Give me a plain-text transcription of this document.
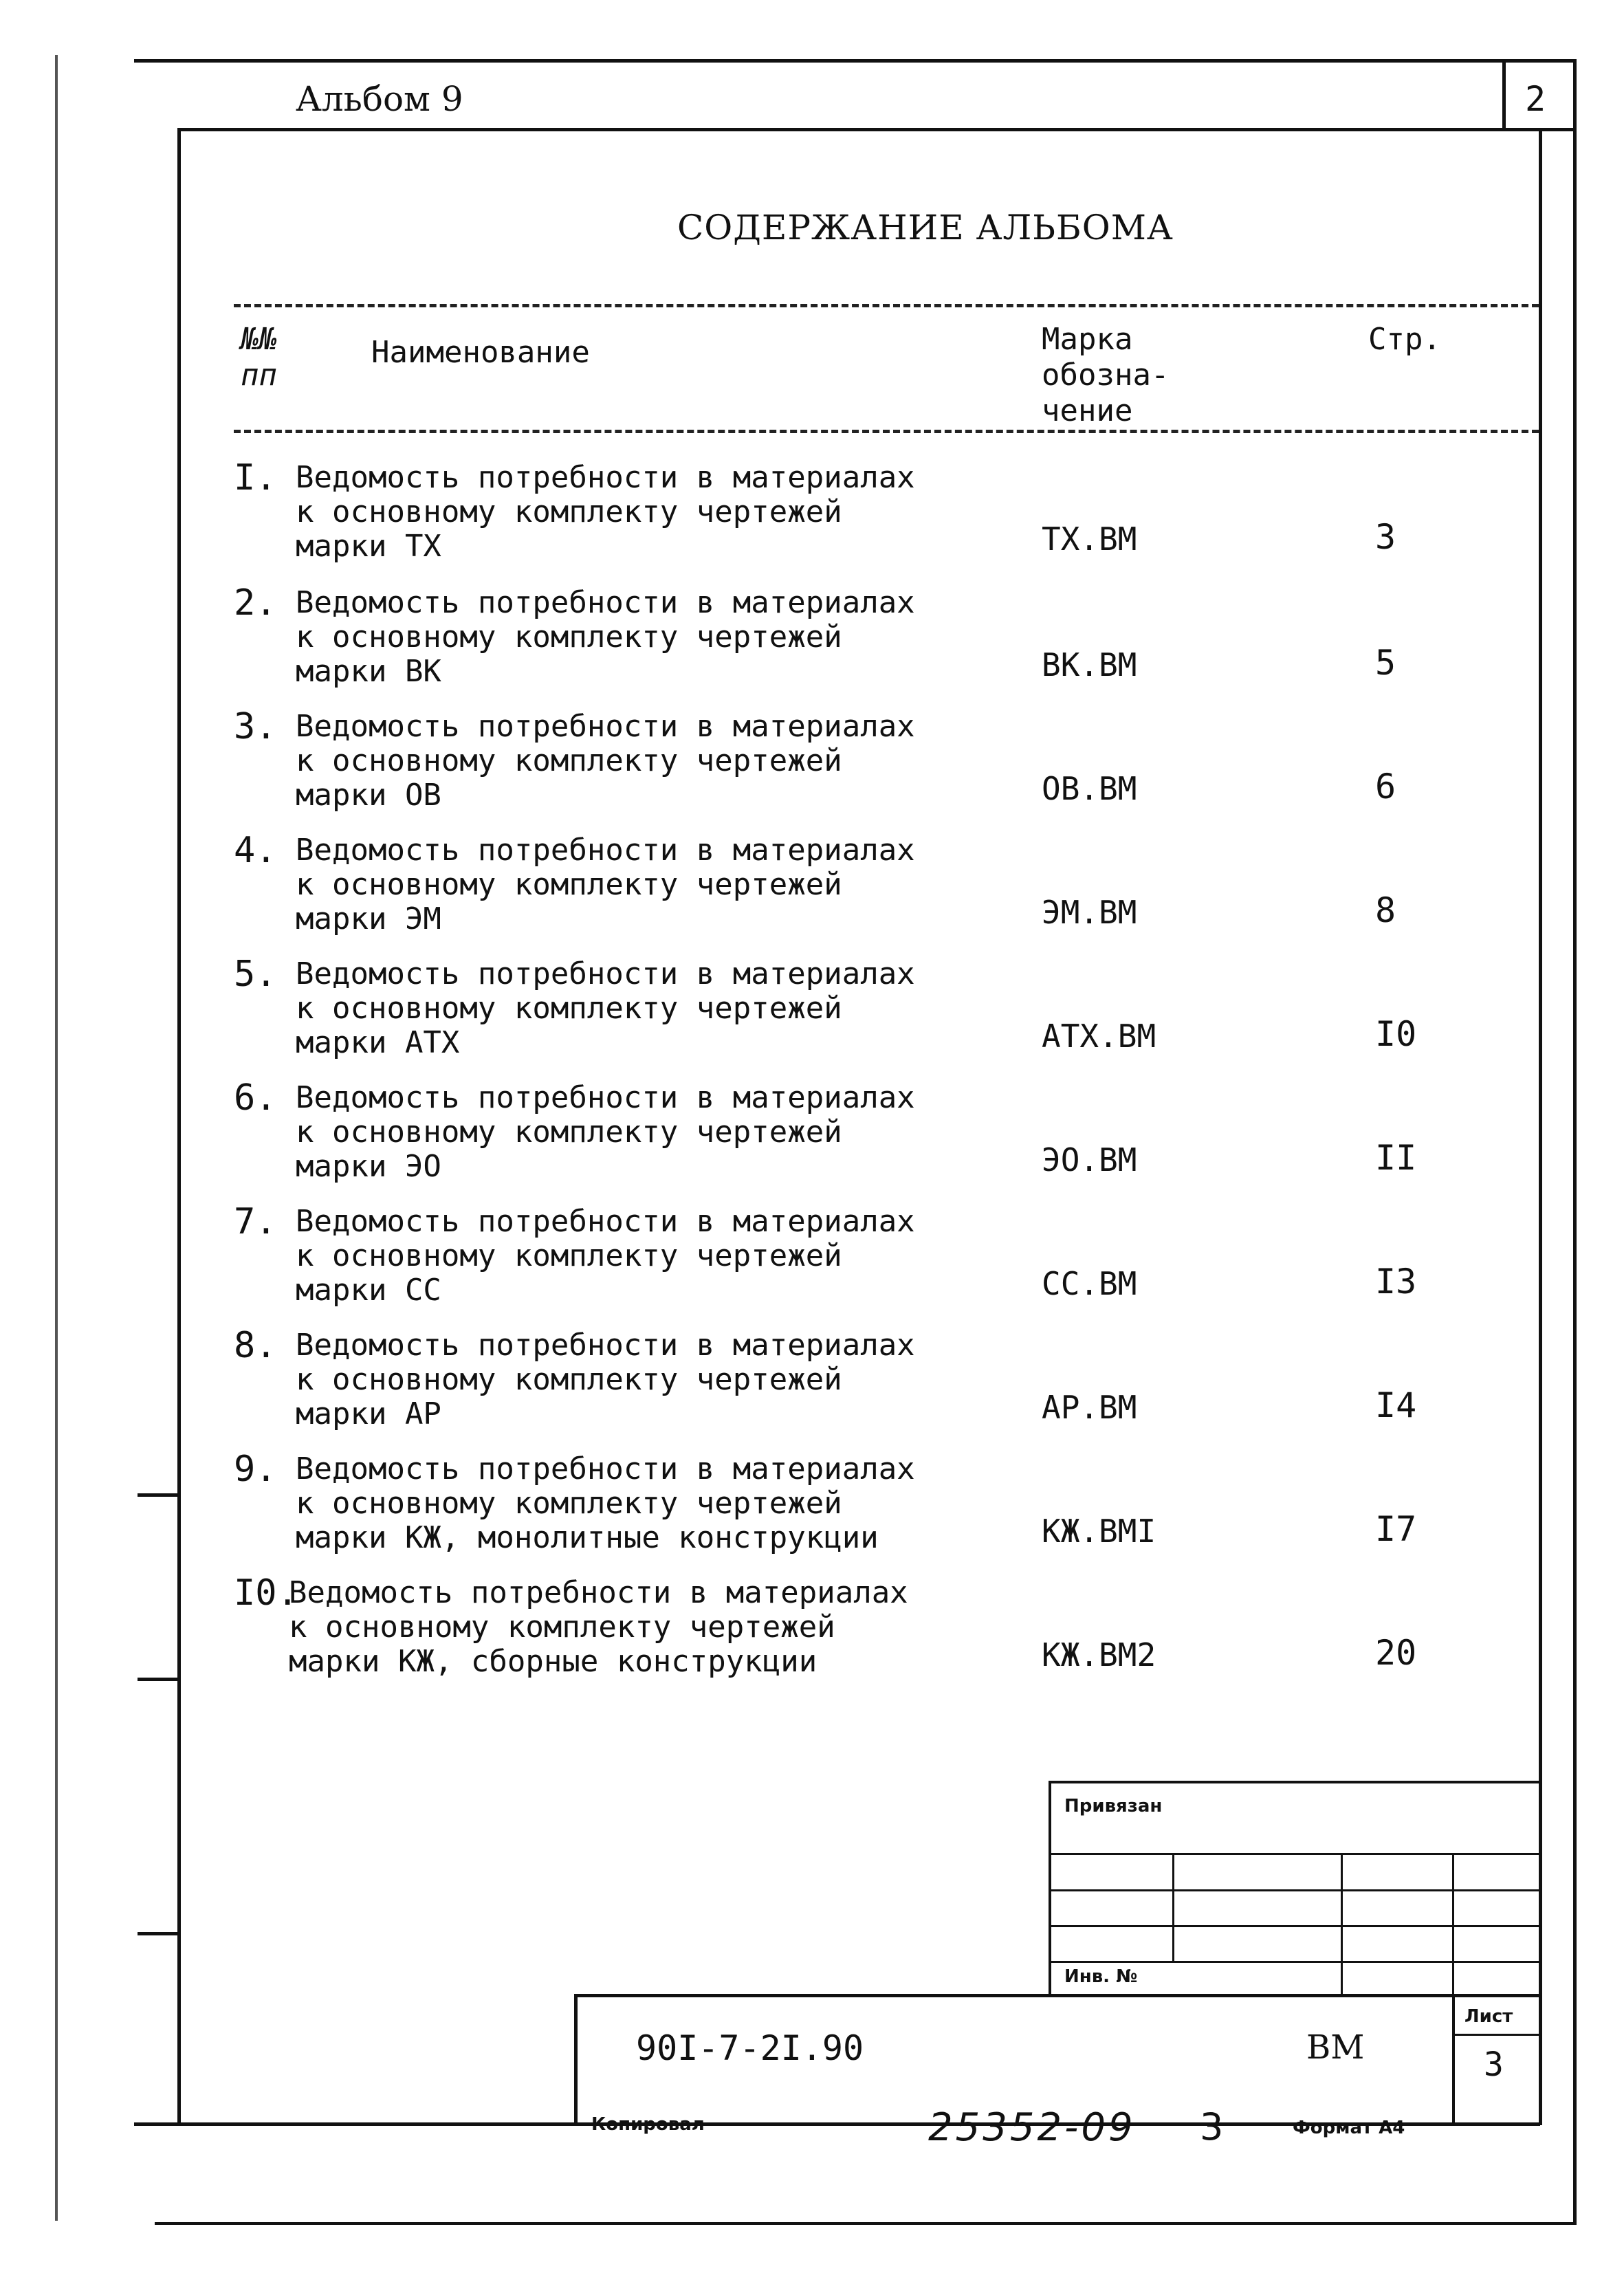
Альбом 9	2
СОДЕРЖАНИЕ АЛЬБОМА
№№
пп
Наименование	Марка
обозна-
чение
Стр.
I. Ведомость потребности в материалах
к основному комплекту чертежей
марки ТХ	ТХ.ВМ	3
2. Ведомость потребности в материалах
к основному комплекту чертежей
марки ВК	ВК.ВМ	5
3. Ведомость потребности в материалах
к основному комплекту чертежей
марки ОВ	ОВ.ВМ	6
4. Ведомость потребности в материалах
к основному комплекту чертежей
марки ЭМ	ЭМ.ВМ	8
5. Ведомость потребности в материалах
к основному комплекту чертежей
марки АТХ	АТХ.ВМ	I0
6. Ведомость потребности в материалах
к основному комплекту чертежей
марки ЭО	ЭО.ВМ	II
7. Ведомость потребности в материалах
к основному комплекту чертежей
марки СС	СС.ВМ	I3
8. Ведомость потребности в материалах
к основному комплекту чертежей
марки АР	АР.ВМ	I4
9. Ведомость потребности в материалах
к основному комплекту чертежей
марки КЖ, монолитные конструкции	КЖ.ВМI	I7
I0.
Ведомость потребности в материалах
к основному комплекту чертежей
марки КЖ, сборные конструкции	КЖ.ВМ2	20
Привязан
Инв. №
90I-7-2I.90	ВМ
Лист
3
Копировал	25352-09 3	Формат А4
